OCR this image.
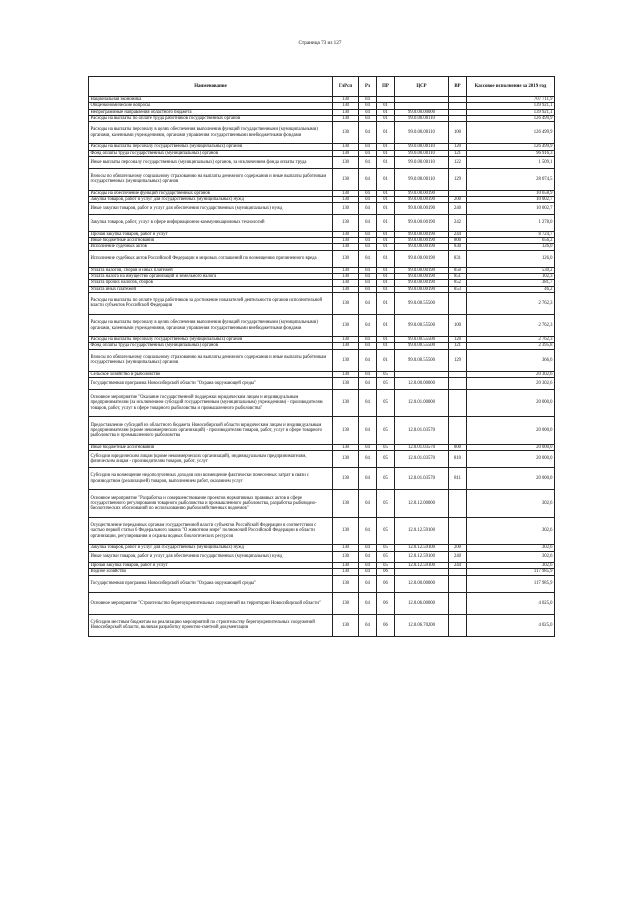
Страница 73 из 127
Наименование	ГлРсп	Рз	ПР	ЦСР	ВР	Кассовое исполнение за 2019 год
Национальная экономика	130	04				707 711,9
Общеэкономические вопросы	130	04	01			139 921,1
Непрограммные направления областного бюджета	130	04	01	99.0.00.00000		139 921,1
Расходы на выплаты по оплате труда работников государственных органов	130	04	01	99.0.00.00110		126 499,9
Расходы на выплаты персоналу в целях обеспечения выполнения функций государственными (муниципальными) органами, казенными учреждениями, органами управления государственными внебюджетными фондами	130	04	01	99.0.00.00110	100	126 499,9
Расходы на выплаты персоналу государственных (муниципальных) органов	130	04	01	99.0.00.00110	120	126 499,9
Фонд оплаты труда государственных (муниципальных) органов	130	04	01	99.0.00.00110	121	96 916,3
Иные выплаты персоналу государственных (муниципальных) органов, за исключением фонда оплаты труда	130	04	01	99.0.00.00110	122	1 509,1
Взносы по обязательному социальному страхованию на выплаты денежного содержания и иные выплаты работникам государственных (муниципальных) органов	130	04	01	99.0.00.00110	129	28 074,5
Расходы на обеспечение функций государственных органов	130	04	01	99.0.00.00190		10 658,9
Закупка товаров, работ и услуг для государственных (муниципальных) нужд	130	04	01	99.0.00.00190	200	10 002,7
Иные закупки товаров, работ и услуг для обеспечения государственных (муниципальных) нужд	130	04	01	99.0.00.00190	240	10 002,7
Закупка товаров, работ, услуг в сфере информационно-коммуникационных технологий	130	04	01	99.0.00.00190	242	1 278,0
Прочая закупка товаров, работ и услуг	130	04	01	99.0.00.00190	244	8 724,7
Иные бюджетные ассигнования	130	04	01	99.0.00.00190	800	656,2
Исполнение судебных актов	130	04	01	99.0.00.00190	830	126,0
Исполнение судебных актов Российской Федерации и мировых соглашений по возмещению причиненного вреда	130	04	01	99.0.00.00190	831	126,0
Уплата налогов, сборов и иных платежей	130	04	01	99.0.00.00190	850	530,2
Уплата налога на имущество организаций и земельного налога	130	04	01	99.0.00.00190	851	102,3
Уплата прочих налогов, сборов	130	04	01	99.0.00.00190	852	381,7
Уплата иных платежей	130	04	01	99.0.00.00190	853	46,2
Расходы на выплаты по оплате труда работников за достижение показателей деятельности органов исполнительной власти субъектов Российской Федерации	130	04	01	99.0.00.55500		2 762,3
Расходы на выплаты персоналу в целях обеспечения выполнения функций государственными (муниципальными) органами, казенными учреждениями, органами управления государственными внебюджетными фондами	130	04	01	99.0.00.55500	100	2 762,3
Расходы на выплаты персоналу государственных (муниципальных) органов	130	04	01	99.0.00.55500	120	2 762,3
Фонд оплаты труда государственных (муниципальных) органов	130	04	01	99.0.00.55500	121	2 395,8
Взносы по обязательному социальному страхованию на выплаты денежного содержания и иные выплаты работникам государственных (муниципальных) органов	130	04	01	99.0.00.55500	129	366,6
Сельское хозяйство и рыболовство	130	04	05			20 302,6
Государственная программа Новосибирской области "Охрана окружающей среды"	130	04	05	12.0.00.00000		20 302,6
Основное мероприятие "Оказание государственной поддержки юридическим лицам и индивидуальным предпринимателям (за исключением субсидий государственным (муниципальным) учреждениям) - производителям товаров, работ, услуг в сфере товарного рыболовства и промышленного рыболовства"	130	04	05	12.0.01.00000		20 000,0
Предоставление субсидий из областного бюджета Новосибирской области юридическим лицам и индивидуальным предпринимателям (кроме некоммерческих организаций) - производителям товаров, работ, услуг в сфере товарного рыболовства и промышленного рыболовства	130	04	05	12.0.01.03570		20 000,0
Иные бюджетные ассигнования	130	04	05	12.0.01.03570	800	20 000,0
Субсидии юридическим лицам (кроме некоммерческих организаций), индивидуальным предпринимателям, физическим лицам - производителям товаров, работ, услуг	130	04	05	12.0.01.03570	810	20 000,0
Субсидии на возмещение недополученных доходов или возмещение фактически понесенных затрат в связи с производством (реализацией) товаров, выполнением работ, оказанием услуг	130	04	05	12.0.01.03570	811	20 000,0
Основное мероприятие "Разработка и совершенствование проектов нормативных правовых актов в сфере государственного регулирования товарного рыболовства и промышленного рыболовства, разработка рыбоводно-биологических обоснований по использованию рыбохозяйственных водоемов"	130	04	05	12.0.12.00000		302,6
Осуществление переданных органам государственной власти субъектов Российской Федерации в соответствии с частью первой статьи 6 Федерального закона "О животном мире" полномочий Российской Федерации в области организации, регулирования и охраны водных биологических ресурсов	130	04	05	12.0.12.59100		302,6
Закупка товаров, работ и услуг для государственных (муниципальных) нужд	130	04	05	12.0.12.59100	200	302,6
Иные закупки товаров, работ и услуг для обеспечения государственных (муниципальных) нужд	130	04	05	12.0.12.59100	240	302,6
Прочая закупка товаров, работ и услуг	130	04	05	12.0.12.59100	244	302,6
Водное хозяйство	130	04	06			117 985,9
Государственная программа Новосибирской области "Охрана окружающей среды"	130	04	06	12.0.00.00000		117 985,9
Основное мероприятие "Строительство берегоукрепительных сооружений на территории Новосибирской области"	130	04	06	12.0.06.00000		4 025,0
Субсидии местным бюджетам на реализацию мероприятий по строительству берегоукрепительных сооружений Новосибирской области, включая разработку проектно-сметной документации	130	04	06	12.0.06.70200		4 025,0
